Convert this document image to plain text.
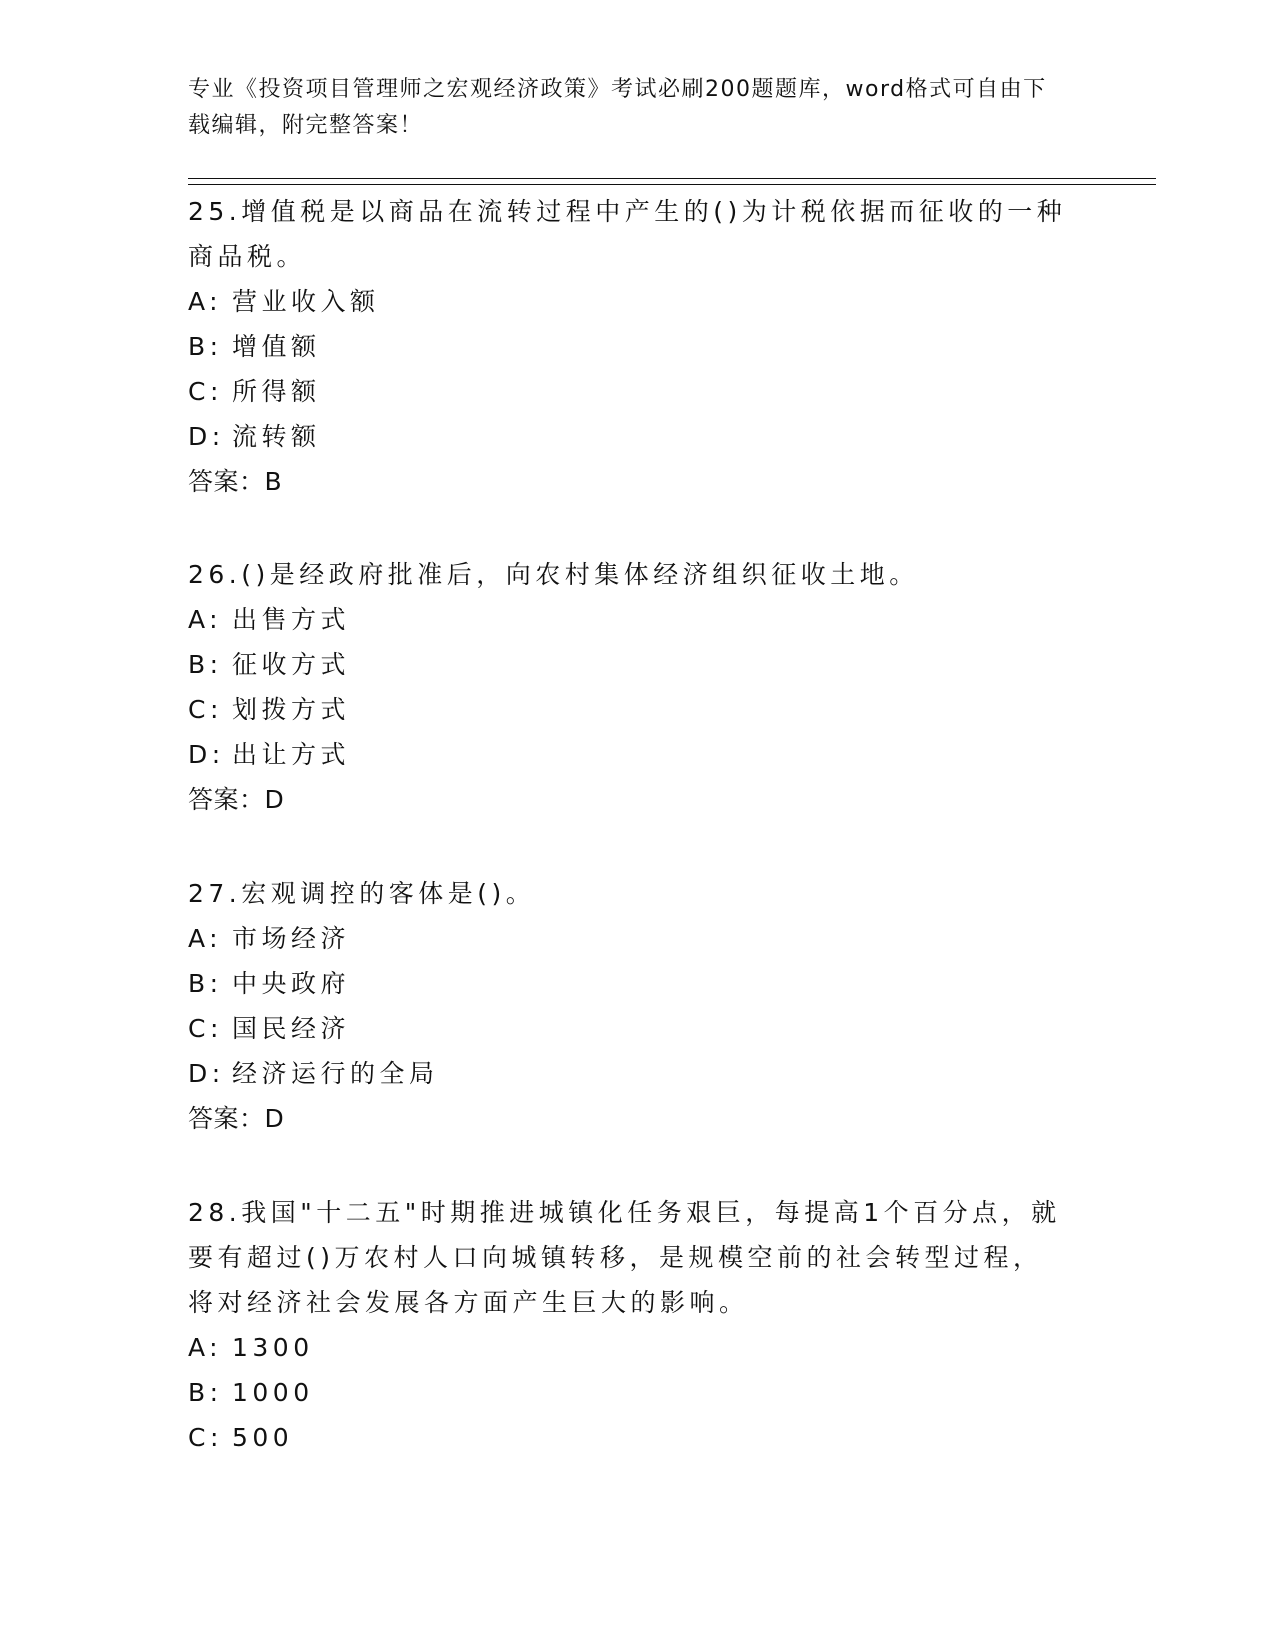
专业《投资项目管理师之宏观经济政策》考试必刷200题题库，word格式可自由下载编辑，附完整答案！

25.增值税是以商品在流转过程中产生的()为计税依据而征收的一种商品税。

A: 营业收入额

B: 增值额

C: 所得额

D: 流转额

答案：B

26.()是经政府批准后，向农村集体经济组织征收土地。

A: 出售方式

B: 征收方式

C: 划拨方式

D: 出让方式

答案：D

27.宏观调控的客体是()。

A: 市场经济

B: 中央政府

C: 国民经济

D: 经济运行的全局

答案：D

28.我国"十二五"时期推进城镇化任务艰巨，每提高1个百分点，就要有超过()万农村人口向城镇转移，是规模空前的社会转型过程，将对经济社会发展各方面产生巨大的影响。

A: 1300

B: 1000

C: 500
